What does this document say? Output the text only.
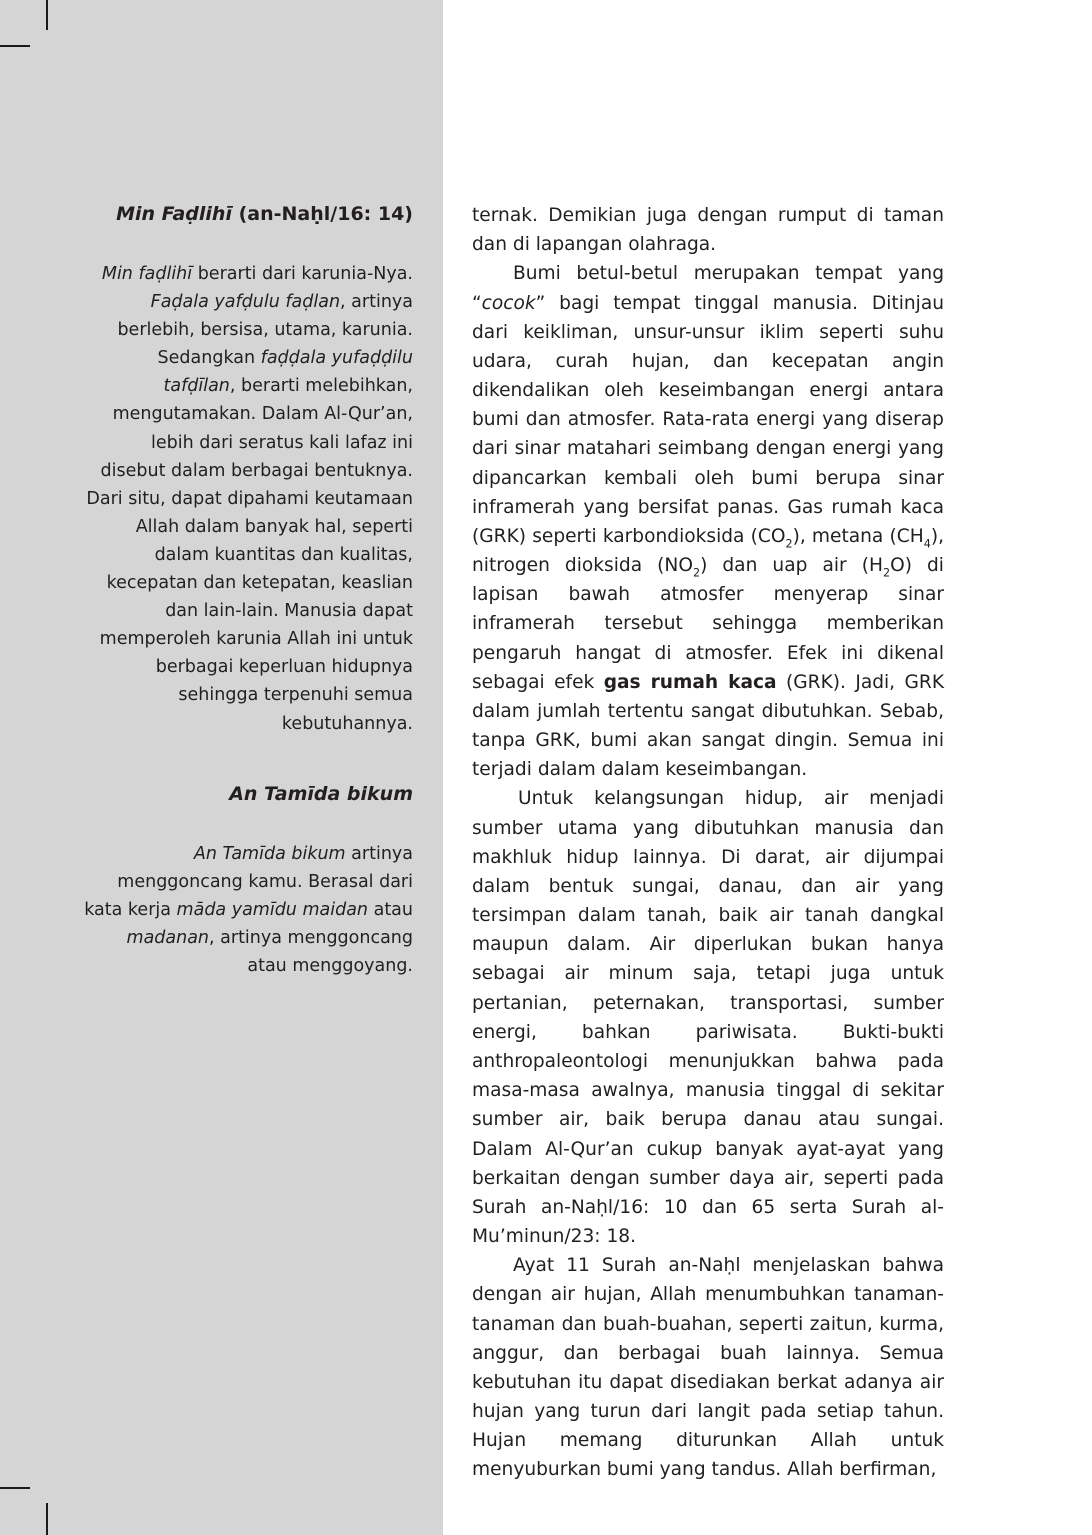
Min Faḍlihī (an-Naḥl/16: 14)

Min faḍlihī berarti dari karunia-Nya. Faḍala yafḍulu faḍlan, artinya berlebih, bersisa, utama, karunia. Sedangkan faḍḍala yufaḍḍilu tafḍīlan, berarti melebihkan, mengutamakan. Dalam Al-Qur’an, lebih dari seratus kali lafaz ini disebut dalam berbagai bentuknya. Dari situ, dapat dipahami keutamaan Allah dalam banyak hal, seperti dalam kuantitas dan kualitas, kecepatan dan ketepatan, keaslian dan lain-lain. Manusia dapat memperoleh karunia Allah ini untuk berbagai keperluan hidupnya sehingga terpenuhi semua kebutuhannya.

An Tamīda bikum

An Tamīda bikum artinya menggoncang kamu. Berasal dari kata kerja māda yamīdu maidan atau madanan, artinya menggoncang atau menggoyang.

ternak. Demikian juga dengan rumput di taman dan di lapangan olahraga.

Bumi betul-betul merupakan tempat yang “cocok” bagi tempat tinggal manusia. Ditinjau dari keikliman, unsur-unsur iklim seperti suhu udara, curah hujan, dan kecepatan angin dikendalikan oleh keseimbangan energi antara bumi dan atmosfer. Rata-rata energi yang diserap dari sinar matahari seimbang dengan energi yang dipancarkan kembali oleh bumi berupa sinar inframerah yang bersifat panas. Gas rumah kaca (GRK) seperti karbondioksida $(CO_2)$, metana $(CH_4)$, nitrogen dioksida $(NO_2)$ dan uap air $(H_2O)$ di lapisan bawah atmosfer menyerap sinar inframerah tersebut sehingga memberikan pengaruh hangat di atmosfer. Efek ini dikenal sebagai efek gas rumah kaca (GRK). Jadi, GRK dalam jumlah tertentu sangat dibutuhkan. Sebab, tanpa GRK, bumi akan sangat dingin. Semua ini terjadi dalam dalam keseimbangan.

Untuk kelangsungan hidup, air menjadi sumber utama yang dibutuhkan manusia dan makhluk hidup lainnya. Di darat, air dijumpai dalam bentuk sungai, danau, dan air yang tersimpan dalam tanah, baik air tanah dangkal maupun dalam. Air diperlukan bukan hanya sebagai air minum saja, tetapi juga untuk pertanian, peternakan, transportasi, sumber energi, bahkan pariwisata. Bukti-bukti anthropaleontologi menunjukkan bahwa pada masa-masa awalnya, manusia tinggal di sekitar sumber air, baik berupa danau atau sungai. Dalam Al-Qur’an cukup banyak ayat-ayat yang berkaitan dengan sumber daya air, seperti pada Surah an-Naḥl/16: 10 dan 65 serta Surah al-Mu’minun/23: 18.

Ayat 11 Surah an-Naḥl menjelaskan bahwa dengan air hujan, Allah menumbuhkan tanaman-tanaman dan buah-buahan, seperti zaitun, kurma, anggur, dan berbagai buah lainnya. Semua kebutuhan itu dapat disediakan berkat adanya air hujan yang turun dari langit pada setiap tahun. Hujan memang diturunkan Allah untuk menyuburkan bumi yang tandus. Allah berfirman,
